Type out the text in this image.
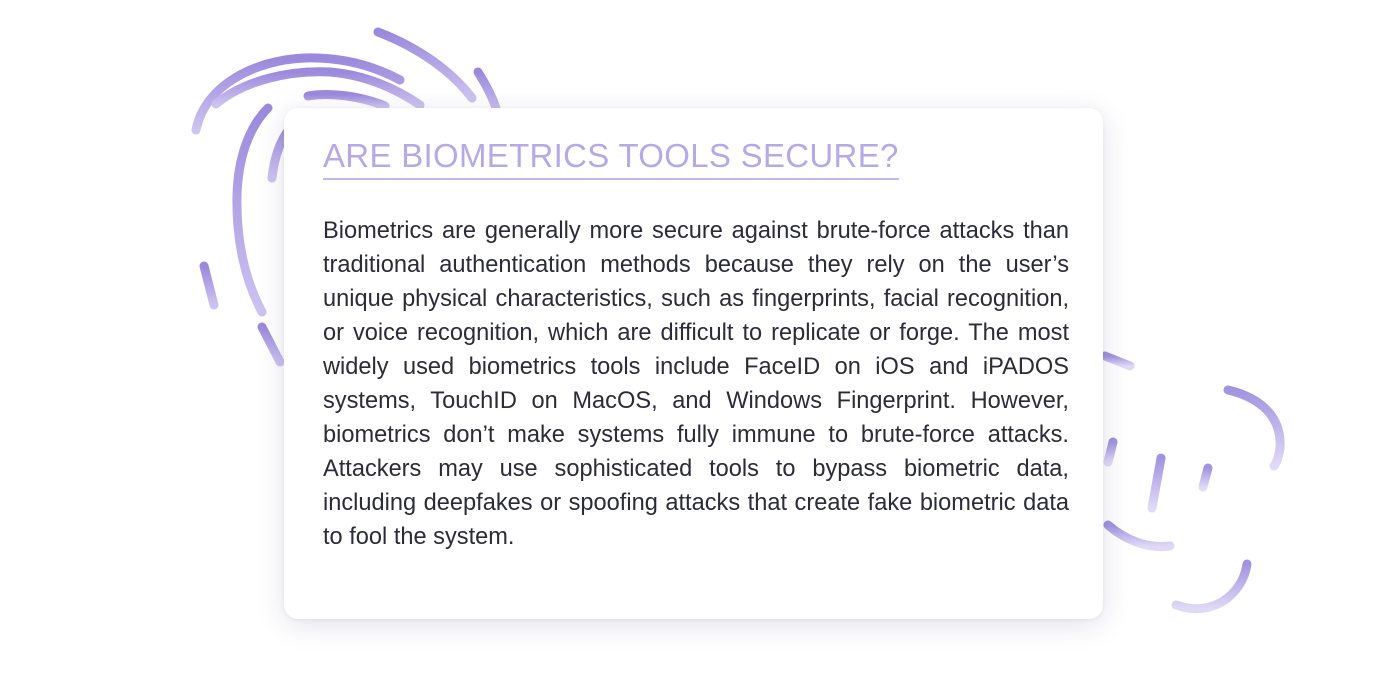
ARE BIOMETRICS TOOLS SECURE?

Biometrics are generally more secure against brute-force attacks than traditional authentication methods because they rely on the user’s unique physical characteristics, such as fingerprints, facial recognition, or voice recognition, which are difficult to replicate or forge. The most widely used biometrics tools include FaceID on iOS and iPADOS systems, TouchID on MacOS, and Windows Fingerprint. However, biometrics don’t make systems fully immune to brute-force attacks. Attackers may use sophisticated tools to bypass biometric data, including deepfakes or spoofing attacks that create fake biometric data to fool the system.
